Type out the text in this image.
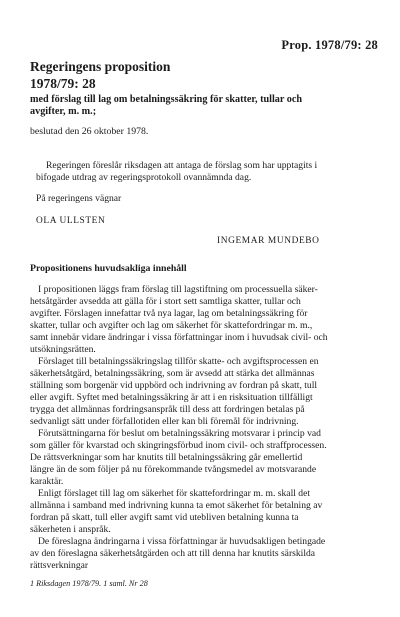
Prop. 1978/79: 28
Regeringens proposition
1978/79: 28
med förslag till lag om betalningssäkring för skatter, tullar och
avgifter, m. m.;
beslutad den 26 oktober 1978.
Regeringen föreslår riksdagen att antaga de förslag som har upptagits i
bifogade utdrag av regeringsprotokoll ovannämnda dag.
På regeringens vägnar
OLA ULLSTEN
INGEMAR MUNDEBO
Propositionens huvudsakliga innehåll
I propositionen läggs fram förslag till lagstiftning om processuella säker-
hetsåtgärder avsedda att gälla för i stort sett samtliga skatter, tullar och
avgifter. Förslagen innefattar två nya lagar, lag om betalningssäkring för
skatter, tullar och avgifter och lag om säkerhet för skattefordringar m. m.,
samt innebär vidare ändringar i vissa författningar inom i huvudsak civil- och
utsökningsrätten.
Förslaget till betalningssäkringslag tillför skatte- och avgiftsprocessen en
säkerhetsåtgärd, betalningssäkring, som är avsedd att stärka det allmännas
ställning som borgenär vid uppbörd och indrivning av fordran på skatt, tull
eller avgift. Syftet med betalningssäkring är att i en risksituation tillfälligt
trygga det allmännas fordringsanspråk till dess att fordringen betalas på
sedvanligt sätt under förfallotiden eller kan bli föremål för indrivning.
Förutsättningarna för beslut om betalningssäkring motsvarar i princip vad
som gäller för kvarstad och skingringsförbud inom civil- och straffprocessen.
De rättsverkningar som har knutits till betalningssäkring går emellertid
längre än de som följer på nu förekommande tvångsmedel av motsvarande
karaktär.
Enligt förslaget till lag om säkerhet för skattefordringar m. m. skall det
allmänna i samband med indrivning kunna ta emot säkerhet för betalning av
fordran på skatt, tull eller avgift samt vid utebliven betalning kunna ta
säkerheten i anspråk.
De föreslagna ändringarna i vissa författningar är huvudsakligen betingade
av den föreslagna säkerhetsåtgärden och att till denna har knutits särskilda
rättsverkningar
1 Riksdagen 1978/79. 1 saml. Nr 28
